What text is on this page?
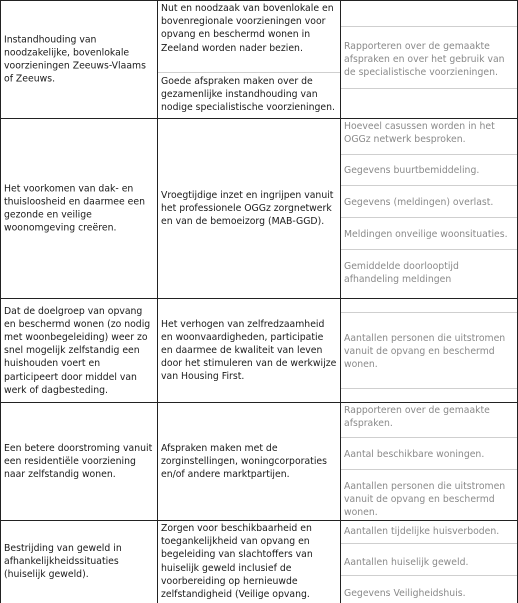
Instandhouding van noodzakelijke, bovenlokale voorzieningen Zeeuws-Vlaams of Zeeuws.
Nut en noodzaak van bovenlokale en bovenregionale voorzieningen voor opvang en beschermd wonen in Zeeland worden nader bezien.
Goede afspraken maken over de gezamenlijke instandhouding van nodige specialistische voorzieningen.
Rapporteren over de gemaakte afspraken en over het gebruik van de specialistische voorzieningen.
Het voorkomen van dak- en thuisloosheid en daarmee een gezonde en veilige woonomgeving creëren.
Vroegtijdige inzet en ingrijpen vanuit het professionele OGGz zorgnetwerk en van de bemoeizorg (MAB-GGD).
Hoeveel casussen worden in het OGGz netwerk besproken.
Gegevens buurtbemiddeling.
Gegevens (meldingen) overlast.
Meldingen onveilige woonsituaties.
Gemiddelde doorlooptijd afhandeling meldingen
Dat de doelgroep van opvang en beschermd wonen (zo nodig met woonbegeleiding) weer zo snel mogelijk zelfstandig een huishouden voert en participeert door middel van werk of dagbesteding.
Het verhogen van zelfredzaamheid en woonvaardigheden, participatie en daarmee de kwaliteit van leven door het stimuleren van de werkwijze van Housing First.
Aantallen personen die uitstromen vanuit de opvang en beschermd wonen.
Een betere doorstroming vanuit een residentiële voorziening naar zelfstandig wonen.
Afspraken maken met de zorginstellingen, woningcorporaties en/of andere marktpartijen.
Rapporteren over de gemaakte afspraken.
Aantal beschikbare woningen.
Aantallen personen die uitstromen vanuit de opvang en beschermd wonen.
Bestrijding van geweld in afhankelijkheidssituaties (huiselijk geweld).
Zorgen voor beschikbaarheid en toegankelijkheid van opvang en begeleiding van slachtoffers van huiselijk geweld inclusief de voorbereiding op hernieuwde zelfstandigheid (Veilige opvang.
Aantallen tijdelijke huisverboden.
Aantallen huiselijk geweld.
Gegevens Veiligheidshuis.
